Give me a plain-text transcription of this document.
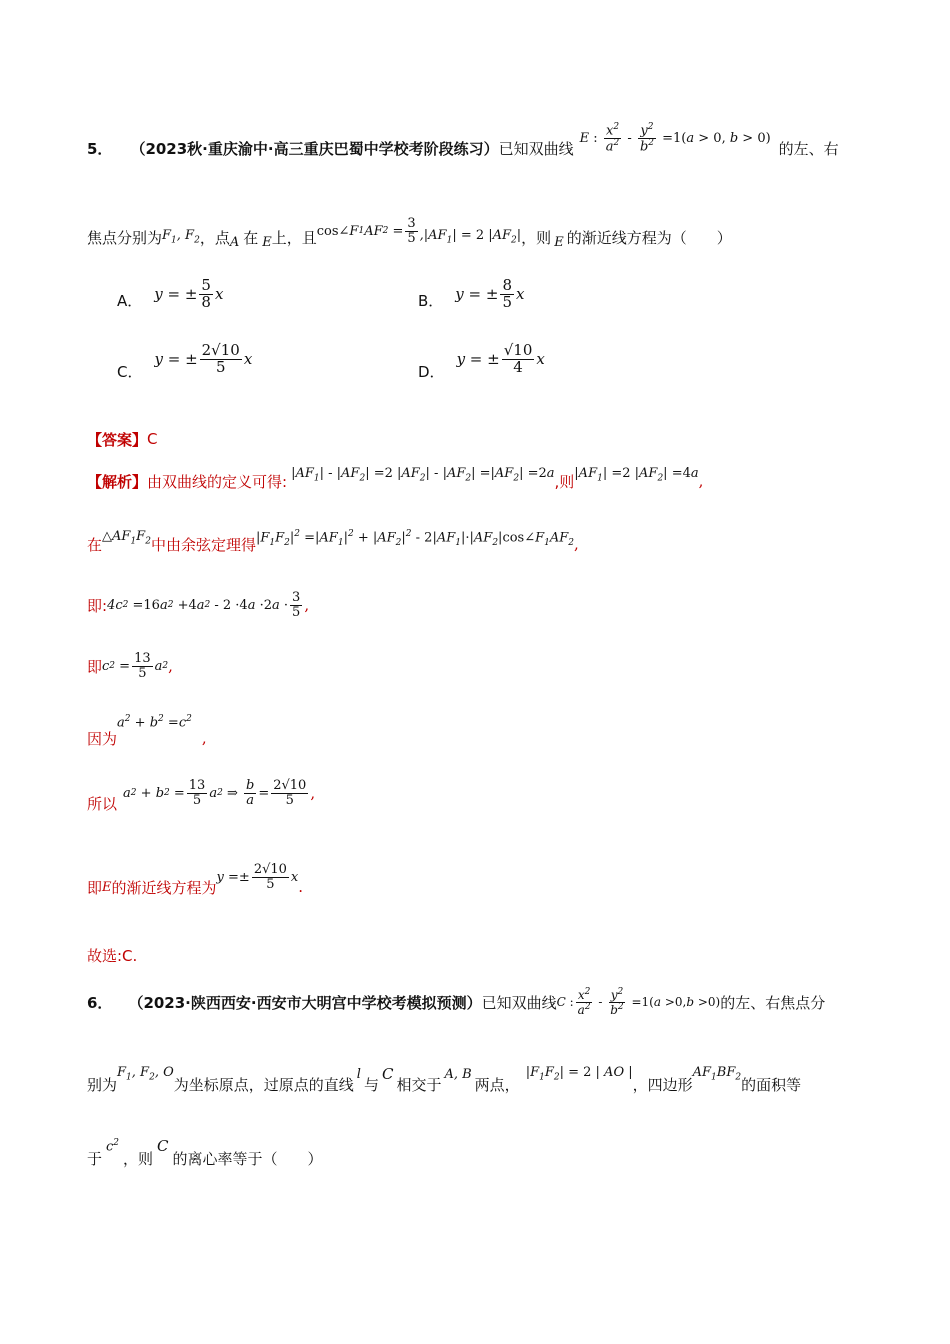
5． （2023秋·重庆渝中·高三重庆巴蜀中学校考阶段练习） 已知双曲线
E : $\frac{x^2}{a^2} - \frac{y^2}{b^2} =1$( a > 0, b > 0)
的左、右
焦点分别为 $F_1$, $F_2$ ，点 A 在 E 上，且 cos∠ F 1 AF $2 = \frac{3}{5} ,|AF_1| = 2$ $|AF_2|$ ，则 E 的渐近线方程为（　　）
A． y = ± $\frac{5}{8}$ x	B． y = ± $\frac{8}{5}$ x
C．
y = ± $\frac{2√10}{5}$ x
D．
y = ± $\frac{√10}{4}$ x
【答案】 C
【解析】 由双曲线的定义可得: $|AF_1| - |AF_2| =2$ $|AF_2| - |AF_2| =|AF_2| =2a$ ,则 $|AF_1| =2$ $|AF_2| =4a$ ,
在 $\triangle AF_1F_2$ 中由余弦定理得 $|F_1F_2|^2 =|AF_1|^2 + |AF_2|^2$ - $2|AF_1|\cdot|AF_2|\cos\angle F_1AF_2$ ,
即: 4c 2 =16 a 2 +4 a 2 - 2 ·4 a ·2 $a \cdot \frac{3}{5}$ ,
即 c $2 = \frac{13}{5}$ a 2 ,
因为
$a^2 + b^2 =c^2$
,
所以
a 2 + b $2 = \frac{13}{5}$ a 2 ⇒ $\frac{b}{a} = \frac{2√10}{5}$ ,
即 E 的渐近线方程为
$y =\pm \frac{2√10}{5}$ x
.
故选:C.
6． （2023·陕西西安·西安市大明宫中学校考模拟预测） 已知双曲线 C : $\frac{x^2}{a^2} - \frac{y^2}{b^2} =1$( a >0, b >0) 的左、右焦点分
别为
$F_1$, $F_2$, O
为坐标原点，过原点的直线
l
与
C
相交于
A, B
两点，
$|F_1F_2| = 2$ | AO |
，四边形
$AF_1BF_2$ 的面积等
于
$c^2$
，则
C
的离心率等于（　　）
